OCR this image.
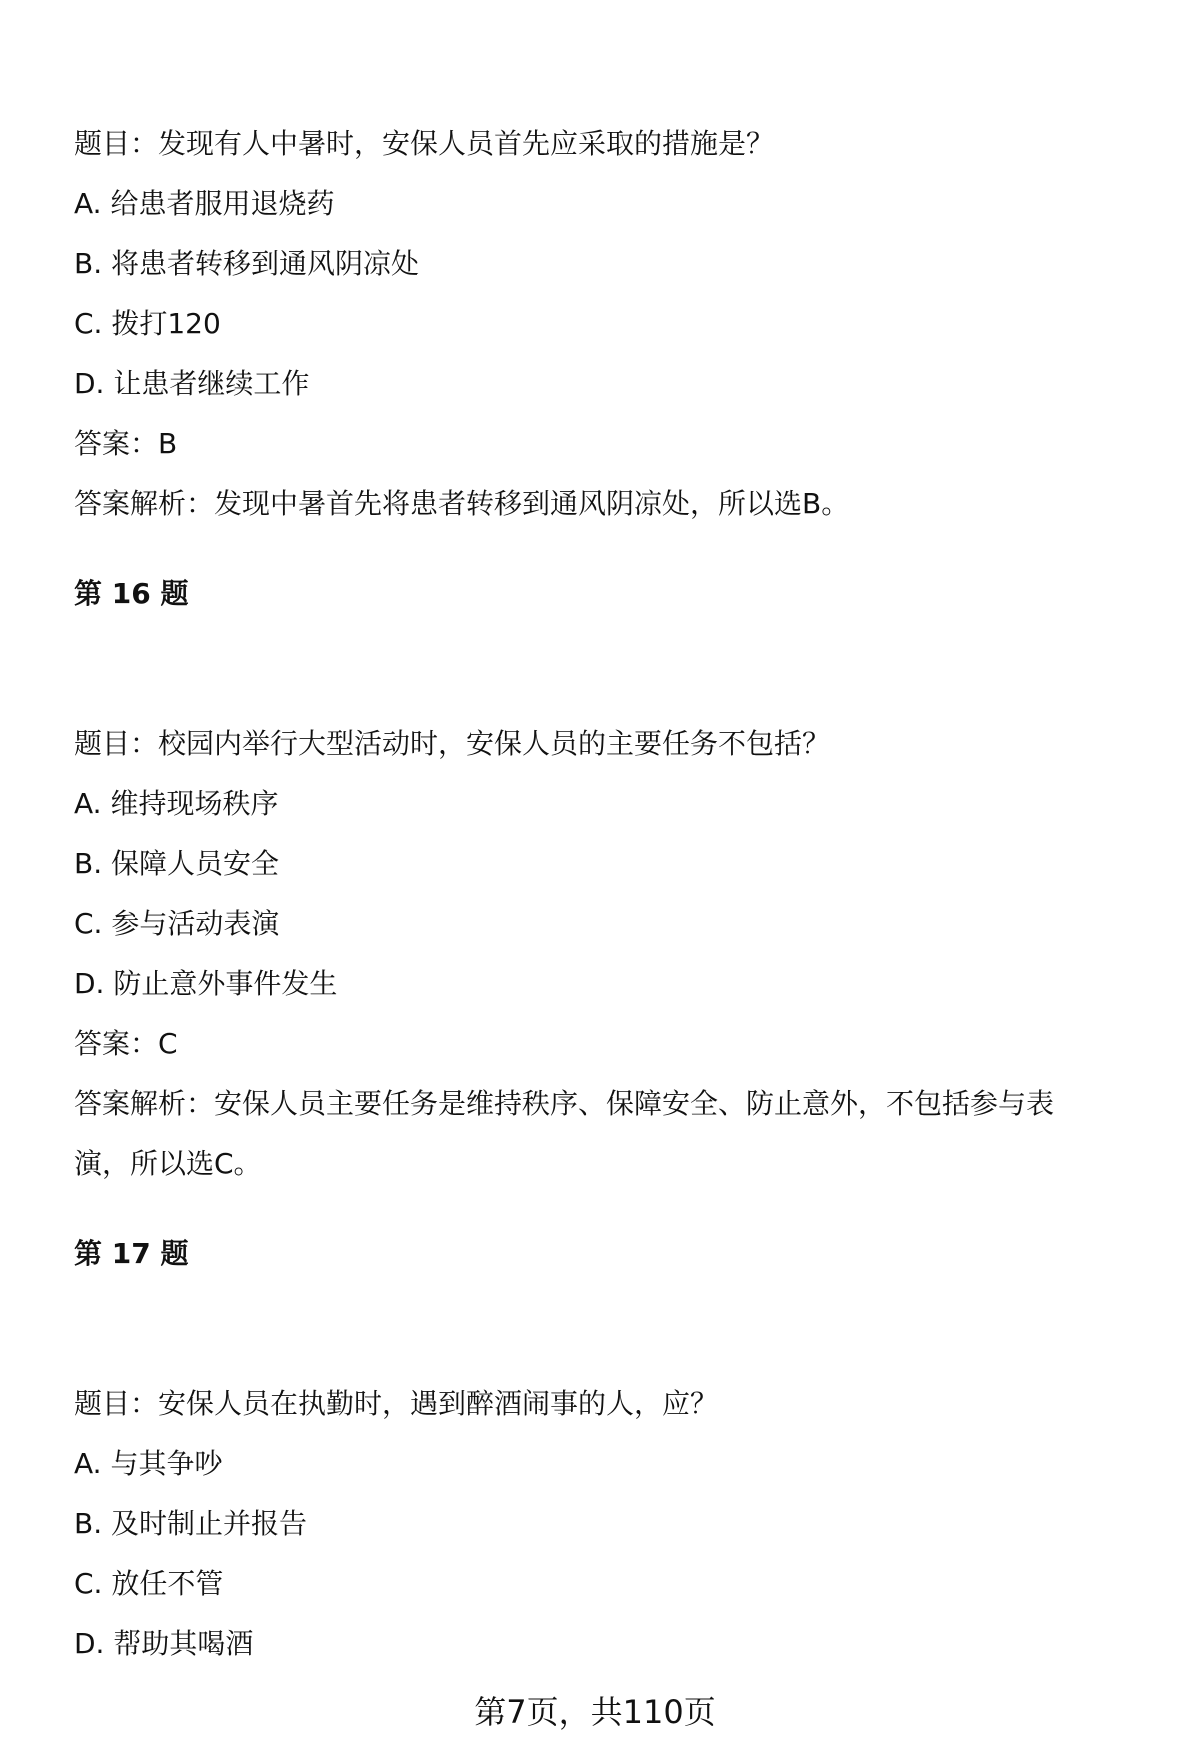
题目：发现有人中暑时，安保人员首先应采取的措施是？
A. 给患者服用退烧药
B. 将患者转移到通风阴凉处
C. 拨打120
D. 让患者继续工作
答案：B
答案解析：发现中暑首先将患者转移到通风阴凉处，所以选B。
第 16 题
题目：校园内举行大型活动时，安保人员的主要任务不包括？
A. 维持现场秩序
B. 保障人员安全
C. 参与活动表演
D. 防止意外事件发生
答案：C
答案解析：安保人员主要任务是维持秩序、保障安全、防止意外，不包括参与表
演，所以选C。
第 17 题
题目：安保人员在执勤时，遇到醉酒闹事的人，应？
A. 与其争吵
B. 及时制止并报告
C. 放任不管
D. 帮助其喝酒
第7页，共110页
